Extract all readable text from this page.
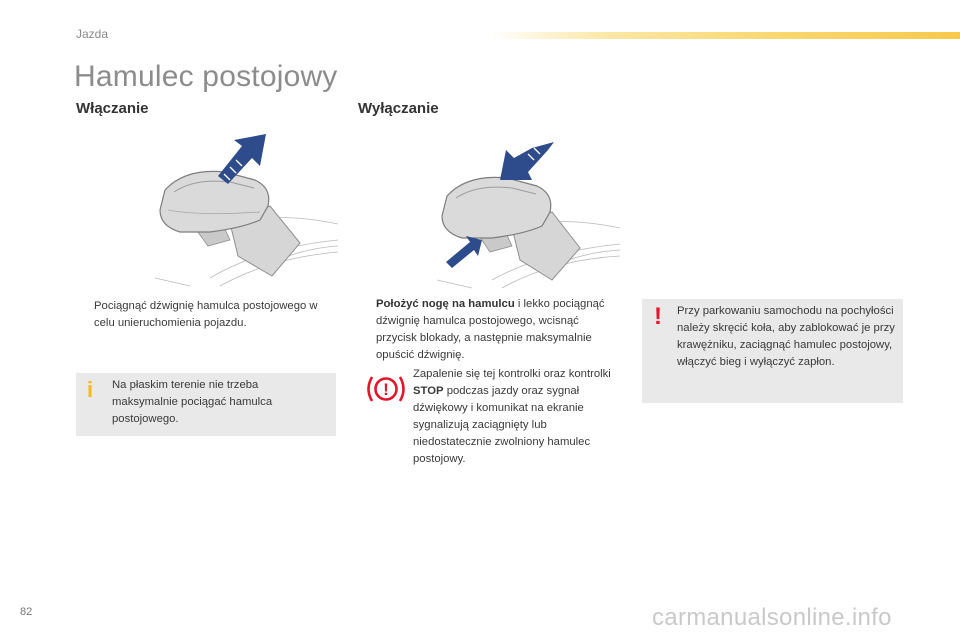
Jazda
Hamulec postojowy
Włączanie	Wyłączanie
Pociągnąć dźwignię hamulca postojowego w celu unieruchomienia pojazdu.
i Na płaskim terenie nie trzeba maksymalnie pociągać hamulca postojowego.
Położyć nogę na hamulcu i lekko pociągnąć dźwignię hamulca postojowego, wcisnąć przycisk blokady, a następnie maksymalnie opuścić dźwignię.
!
Zapalenie się tej kontrolki oraz kontrolki STOP podczas jazdy oraz sygnał dźwiękowy i komunikat na ekranie sygnalizują zaciągnięty lub niedostatecznie zwolniony hamulec postojowy.
! Przy parkowaniu samochodu na pochyłości należy skręcić koła, aby zablokować je przy krawężniku, zaciągnąć hamulec postojowy, włączyć bieg i wyłączyć zapłon.
82	carmanualsonline.info
